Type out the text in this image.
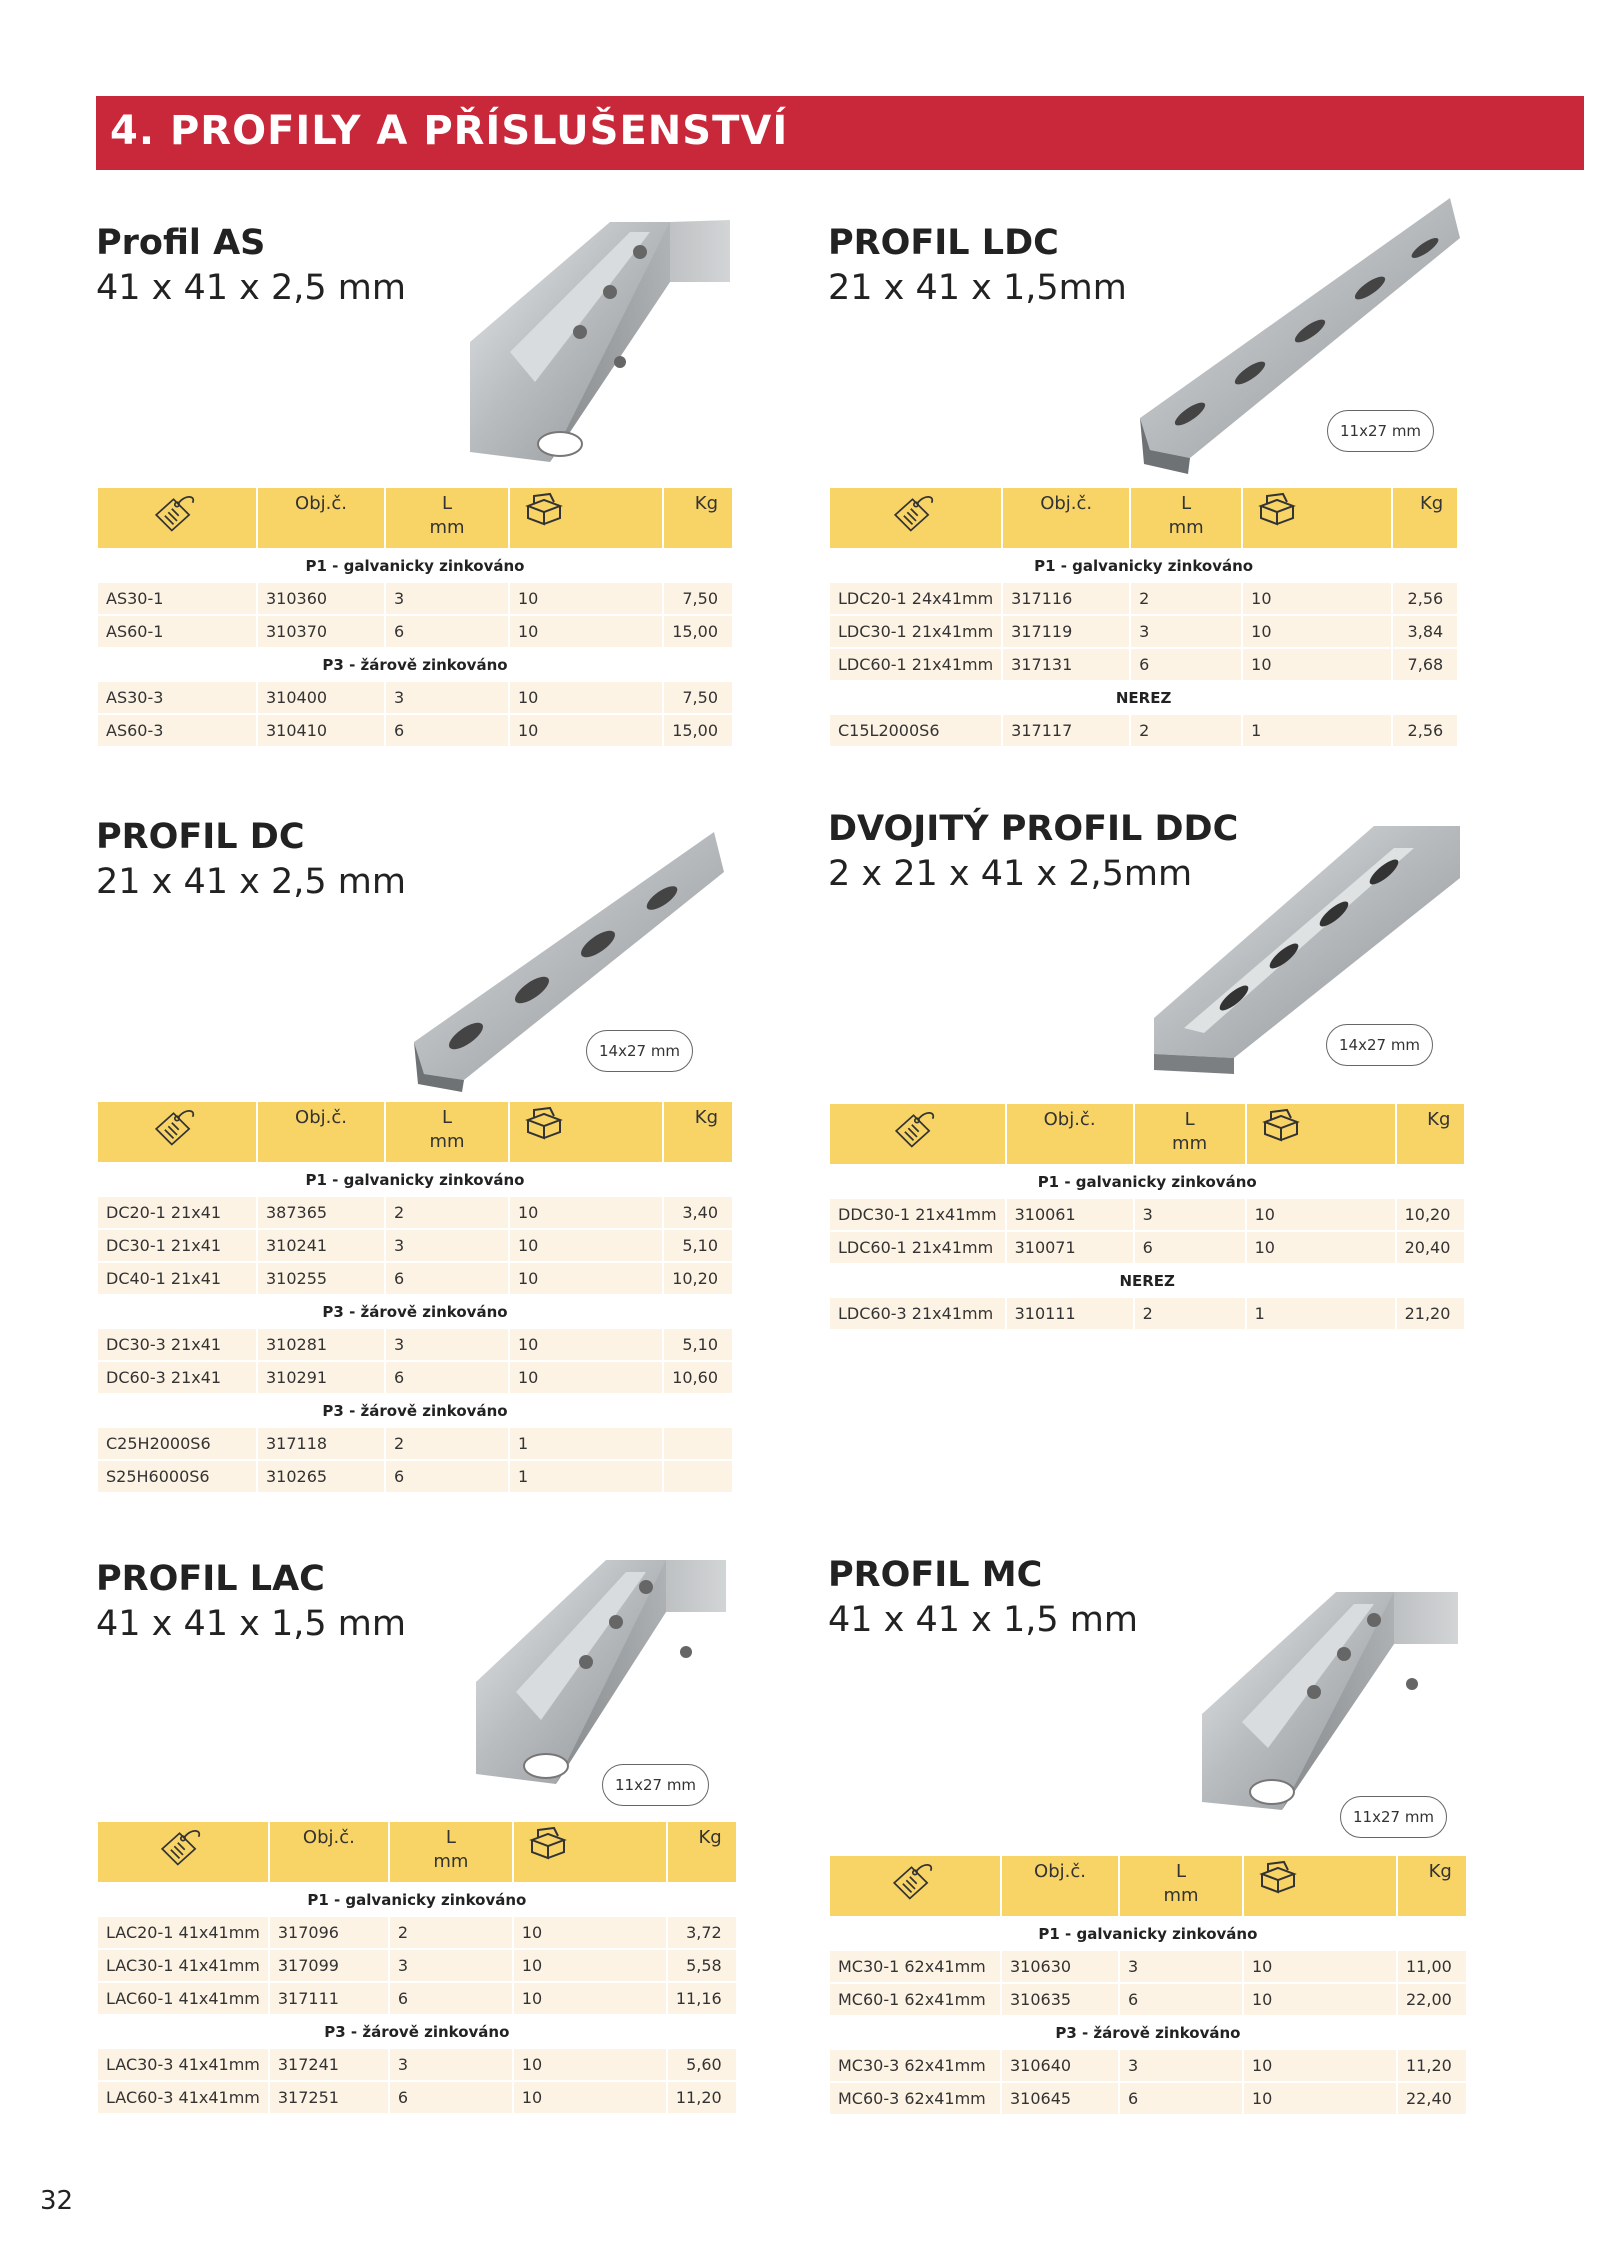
4. PROFILY A PŘÍSLUŠENSTVÍ
Profil AS
41 x 41 x 2,5 mm
PROFIL LDC
21 x 41 x 1,5mm
11x27 mm
PROFIL DC
21 x 41 x 2,5 mm
14x27 mm
DVOJITÝ PROFIL DDC
2 x 21 x 41 x 2,5mm
14x27 mm
PROFIL LAC
41 x 41 x 1,5 mm
11x27 mm
PROFIL MC
41 x 41 x 1,5 mm
11x27 mm
	Obj.č.	L
mm		Kg
P1 - galvanicky zinkováno				
AS30-1	310360	3	10	7,50
AS60-1	310370	6	10	15,00
P3 - žárově zinkováno				
AS30-3	310400	3	10	7,50
AS60-3	310410	6	10	15,00
	Obj.č.	L
mm		Kg
P1 - galvanicky zinkováno				
LDC20-1 24x41mm	317116	2	10	2,56
LDC30-1 21x41mm	317119	3	10	3,84
LDC60-1 21x41mm	317131	6	10	7,68
NEREZ				
C15L2000S6	317117	2	1	2,56
	Obj.č.	L
mm		Kg
P1 - galvanicky zinkováno				
DC20-1 21x41	387365	2	10	3,40
DC30-1 21x41	310241	3	10	5,10
DC40-1 21x41	310255	6	10	10,20
P3 - žárově zinkováno				
DC30-3 21x41	310281	3	10	5,10
DC60-3 21x41	310291	6	10	10,60
P3 - žárově zinkováno				
C25H2000S6	317118	2	1	
S25H6000S6	310265	6	1	
	Obj.č.	L
mm		Kg
P1 - galvanicky zinkováno				
DDC30-1 21x41mm	310061	3	10	10,20
LDC60-1 21x41mm	310071	6	10	20,40
NEREZ				
LDC60-3 21x41mm	310111	2	1	21,20
	Obj.č.	L
mm		Kg
P1 - galvanicky zinkováno				
LAC20-1 41x41mm	317096	2	10	3,72
LAC30-1 41x41mm	317099	3	10	5,58
LAC60-1 41x41mm	317111	6	10	11,16
P3 - žárově zinkováno				
LAC30-3 41x41mm	317241	3	10	5,60
LAC60-3 41x41mm	317251	6	10	11,20
	Obj.č.	L
mm		Kg
P1 - galvanicky zinkováno				
MC30-1 62x41mm	310630	3	10	11,00
MC60-1 62x41mm	310635	6	10	22,00
P3 - žárově zinkováno				
MC30-3 62x41mm	310640	3	10	11,20
MC60-3 62x41mm	310645	6	10	22,40
32
